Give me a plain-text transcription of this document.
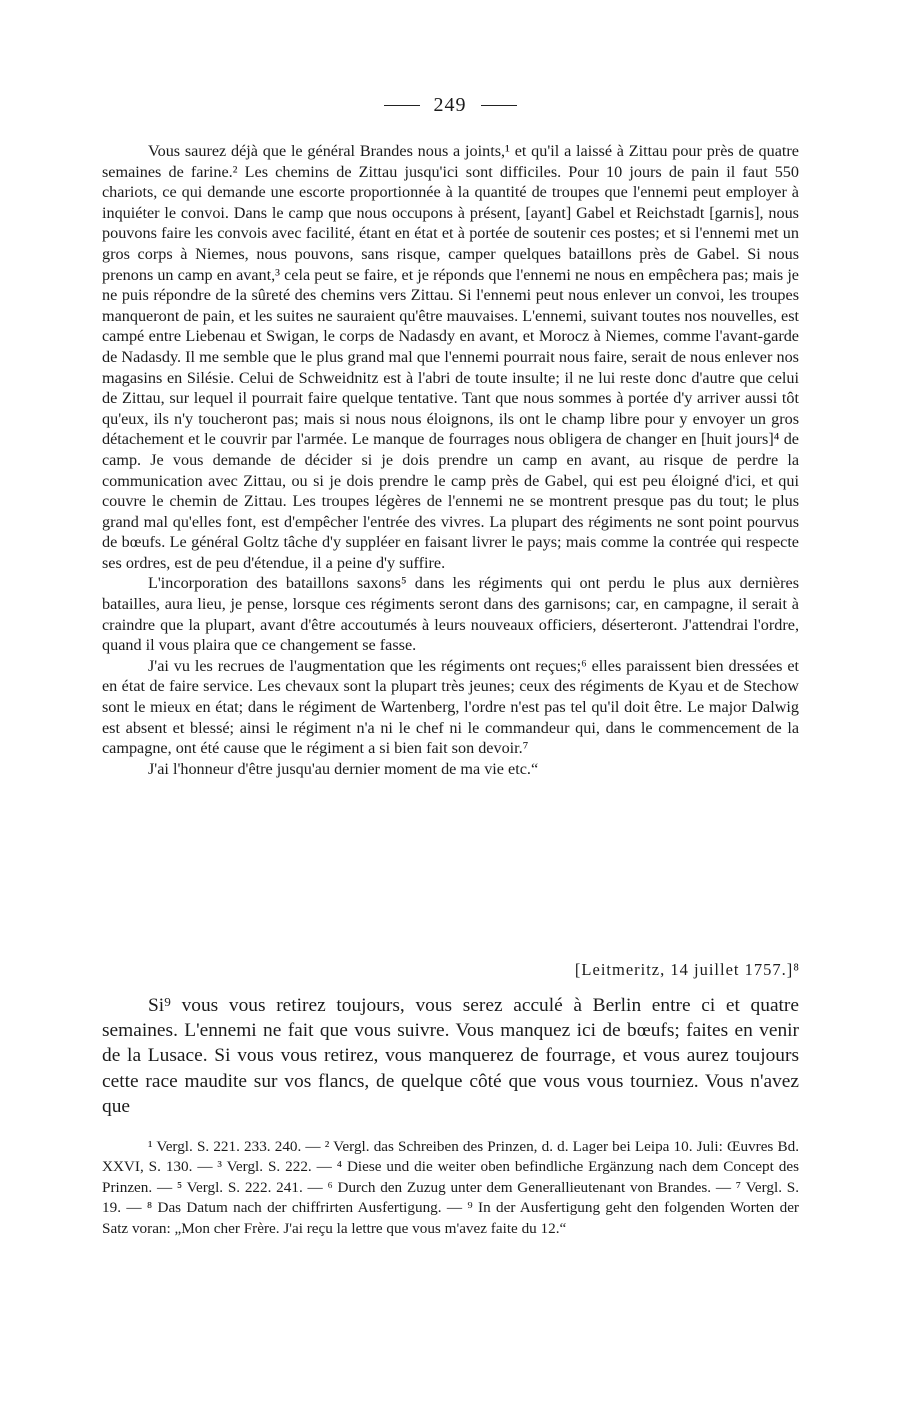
249

Vous saurez déjà que le général Brandes nous a joints,¹ et qu'il a laissé à Zittau pour près de quatre semaines de farine.² Les chemins de Zittau jusqu'ici sont difficiles. Pour 10 jours de pain il faut 550 chariots, ce qui demande une escorte proportionnée à la quantité de troupes que l'ennemi peut employer à inquiéter le convoi. Dans le camp que nous occupons à présent, [ayant] Gabel et Reichstadt [garnis], nous pouvons faire les convois avec facilité, étant en état et à portée de soutenir ces postes; et si l'ennemi met un gros corps à Niemes, nous pouvons, sans risque, camper quelques bataillons près de Gabel. Si nous prenons un camp en avant,³ cela peut se faire, et je réponds que l'ennemi ne nous en empêchera pas; mais je ne puis répondre de la sûreté des chemins vers Zittau. Si l'ennemi peut nous enlever un convoi, les troupes manqueront de pain, et les suites ne sauraient qu'être mauvaises. L'ennemi, suivant toutes nos nouvelles, est campé entre Liebenau et Swigan, le corps de Nadasdy en avant, et Morocz à Niemes, comme l'avant-garde de Nadasdy. Il me semble que le plus grand mal que l'ennemi pourrait nous faire, serait de nous enlever nos magasins en Silésie. Celui de Schweidnitz est à l'abri de toute insulte; il ne lui reste donc d'autre que celui de Zittau, sur lequel il pourrait faire quelque tentative. Tant que nous sommes à portée d'y arriver aussi tôt qu'eux, ils n'y toucheront pas; mais si nous nous éloignons, ils ont le champ libre pour y envoyer un gros détachement et le couvrir par l'armée. Le manque de fourrages nous obligera de changer en [huit jours]⁴ de camp. Je vous demande de décider si je dois prendre un camp en avant, au risque de perdre la communication avec Zittau, ou si je dois prendre le camp près de Gabel, qui est peu éloigné d'ici, et qui couvre le chemin de Zittau. Les troupes légères de l'ennemi ne se montrent presque pas du tout; le plus grand mal qu'elles font, est d'empêcher l'entrée des vivres. La plupart des régiments ne sont point pourvus de bœufs. Le général Goltz tâche d'y suppléer en faisant livrer le pays; mais comme la contrée qui respecte ses ordres, est de peu d'étendue, il a peine d'y suffire.

L'incorporation des bataillons saxons⁵ dans les régiments qui ont perdu le plus aux dernières batailles, aura lieu, je pense, lorsque ces régiments seront dans des garnisons; car, en campagne, il serait à craindre que la plupart, avant d'être accoutumés à leurs nouveaux officiers, déserteront. J'attendrai l'ordre, quand il vous plaira que ce changement se fasse.

J'ai vu les recrues de l'augmentation que les régiments ont reçues;⁶ elles paraissent bien dressées et en état de faire service. Les chevaux sont la plupart très jeunes; ceux des régiments de Kyau et de Stechow sont le mieux en état; dans le régiment de Wartenberg, l'ordre n'est pas tel qu'il doit être. Le major Dalwig est absent et blessé; ainsi le régiment n'a ni le chef ni le commandeur qui, dans le commencement de la campagne, ont été cause que le régiment a si bien fait son devoir.⁷

J'ai l'honneur d'être jusqu'au dernier moment de ma vie etc.“

[Leitmeritz, 14 juillet 1757.]⁸

Si⁹ vous vous retirez toujours, vous serez acculé à Berlin entre ci et quatre semaines. L'ennemi ne fait que vous suivre. Vous manquez ici de bœufs; faites en venir de la Lusace. Si vous vous retirez, vous manquerez de fourrage, et vous aurez toujours cette race maudite sur vos flancs, de quelque côté que vous vous tourniez. Vous n'avez que

¹ Vergl. S. 221. 233. 240. — ² Vergl. das Schreiben des Prinzen, d. d. Lager bei Leipa 10. Juli: Œuvres Bd. XXVI, S. 130. — ³ Vergl. S. 222. — ⁴ Diese und die weiter oben befindliche Ergänzung nach dem Concept des Prinzen. — ⁵ Vergl. S. 222. 241. — ⁶ Durch den Zuzug unter dem Generallieutenant von Brandes. — ⁷ Vergl. S. 19. — ⁸ Das Datum nach der chiffrirten Ausfertigung. — ⁹ In der Ausfertigung geht den folgenden Worten der Satz voran: „Mon cher Frère. J'ai reçu la lettre que vous m'avez faite du 12.“
